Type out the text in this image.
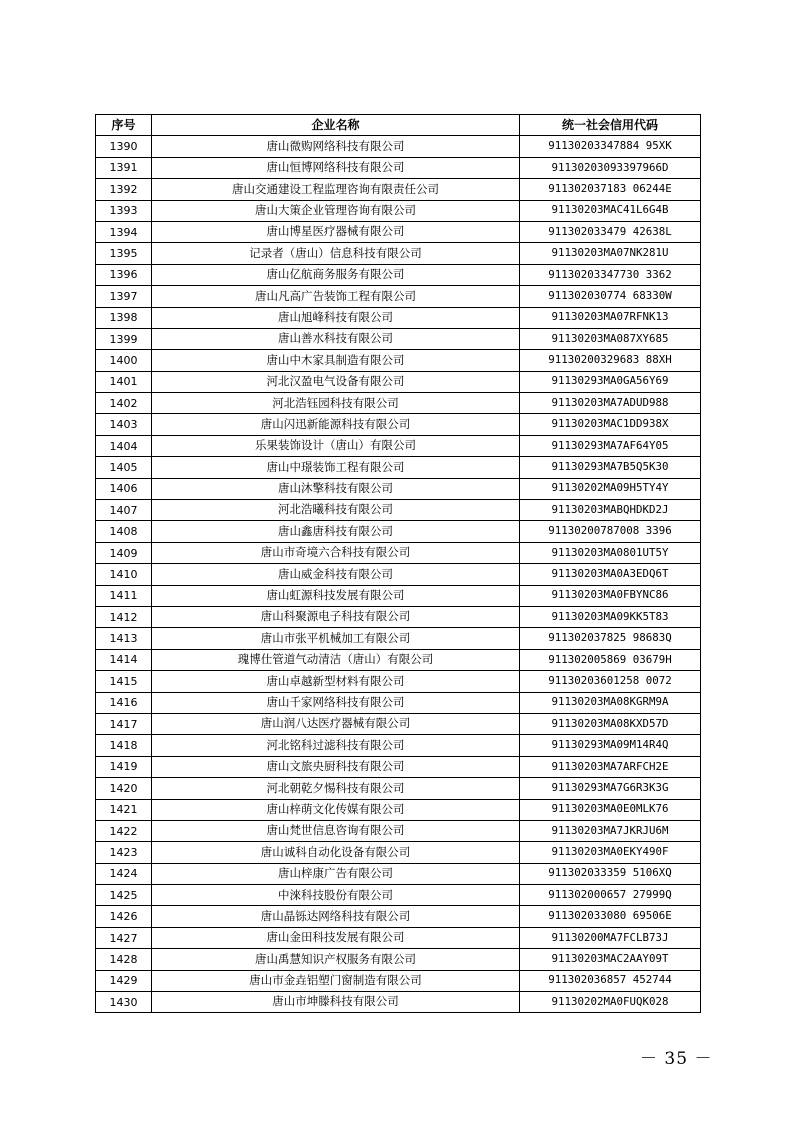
序号	企业名称	统一社会信用代码
1390	唐山微购网络科技有限公司	91130203347884 95XK
1391	唐山恒博网络科技有限公司	91130203093397966D
1392	唐山交通建设工程监理咨询有限责任公司	911302037183 06244E
1393	唐山大策企业管理咨询有限公司	91130203MAC41L6G4B
1394	唐山博星医疗器械有限公司	911302033479 42638L
1395	记录者（唐山）信息科技有限公司	91130203MA07NK281U
1396	唐山亿航商务服务有限公司	91130203347730 3362
1397	唐山凡高广告装饰工程有限公司	911302030774 68330W
1398	唐山旭峰科技有限公司	91130203MA07RFNK13
1399	唐山善水科技有限公司	91130203MA087XY685
1400	唐山中木家具制造有限公司	91130200329683 88XH
1401	河北汉盈电气设备有限公司	91130293MA0GA56Y69
1402	河北浩钰园科技有限公司	91130203MA7ADUD988
1403	唐山闪迅新能源科技有限公司	91130203MAC1DD938X
1404	乐果装饰设计（唐山）有限公司	91130293MA7AF64Y05
1405	唐山中璟装饰工程有限公司	91130293MA7B5Q5K30
1406	唐山沐擎科技有限公司	91130202MA09H5TY4Y
1407	河北浩曦科技有限公司	91130203MABQHDKD2J
1408	唐山鑫唐科技有限公司	91130200787008 3396
1409	唐山市奇境六合科技有限公司	91130203MA0801UT5Y
1410	唐山威金科技有限公司	91130203MA0A3EDQ6T
1411	唐山虹源科技发展有限公司	91130203MA0FBYNC86
1412	唐山科聚源电子科技有限公司	91130203MA09KK5T83
1413	唐山市张平机械加工有限公司	911302037825 98683Q
1414	瑰博仕管道气动清洁（唐山）有限公司	911302005869 03679H
1415	唐山卓越新型材料有限公司	91130203601258 0072
1416	唐山千家网络科技有限公司	91130203MA08KGRM9A
1417	唐山润八达医疗器械有限公司	91130203MA08KXD57D
1418	河北铭科过滤科技有限公司	91130293MA09M14R4Q
1419	唐山文旅央厨科技有限公司	91130203MA7ARFCH2E
1420	河北朝乾夕惕科技有限公司	91130293MA7G6R3K3G
1421	唐山梓萌文化传媒有限公司	91130203MA0E0MLK76
1422	唐山梵世信息咨询有限公司	91130203MA7JKRJU6M
1423	唐山诚科自动化设备有限公司	91130203MA0EKY490F
1424	唐山梓康广告有限公司	911302033359 5106XQ
1425	中淶科技股份有限公司	911302000657 27999Q
1426	唐山晶铄达网络科技有限公司	911302033080 69506E
1427	唐山金田科技发展有限公司	91130200MA7FCLB73J
1428	唐山禹慧知识产权服务有限公司	91130203MAC2AAY09T
1429	唐山市金垚铝塑门窗制造有限公司	911302036857 452744
1430	唐山市坤滕科技有限公司	91130202MA0FUQK028
－ 35 －
